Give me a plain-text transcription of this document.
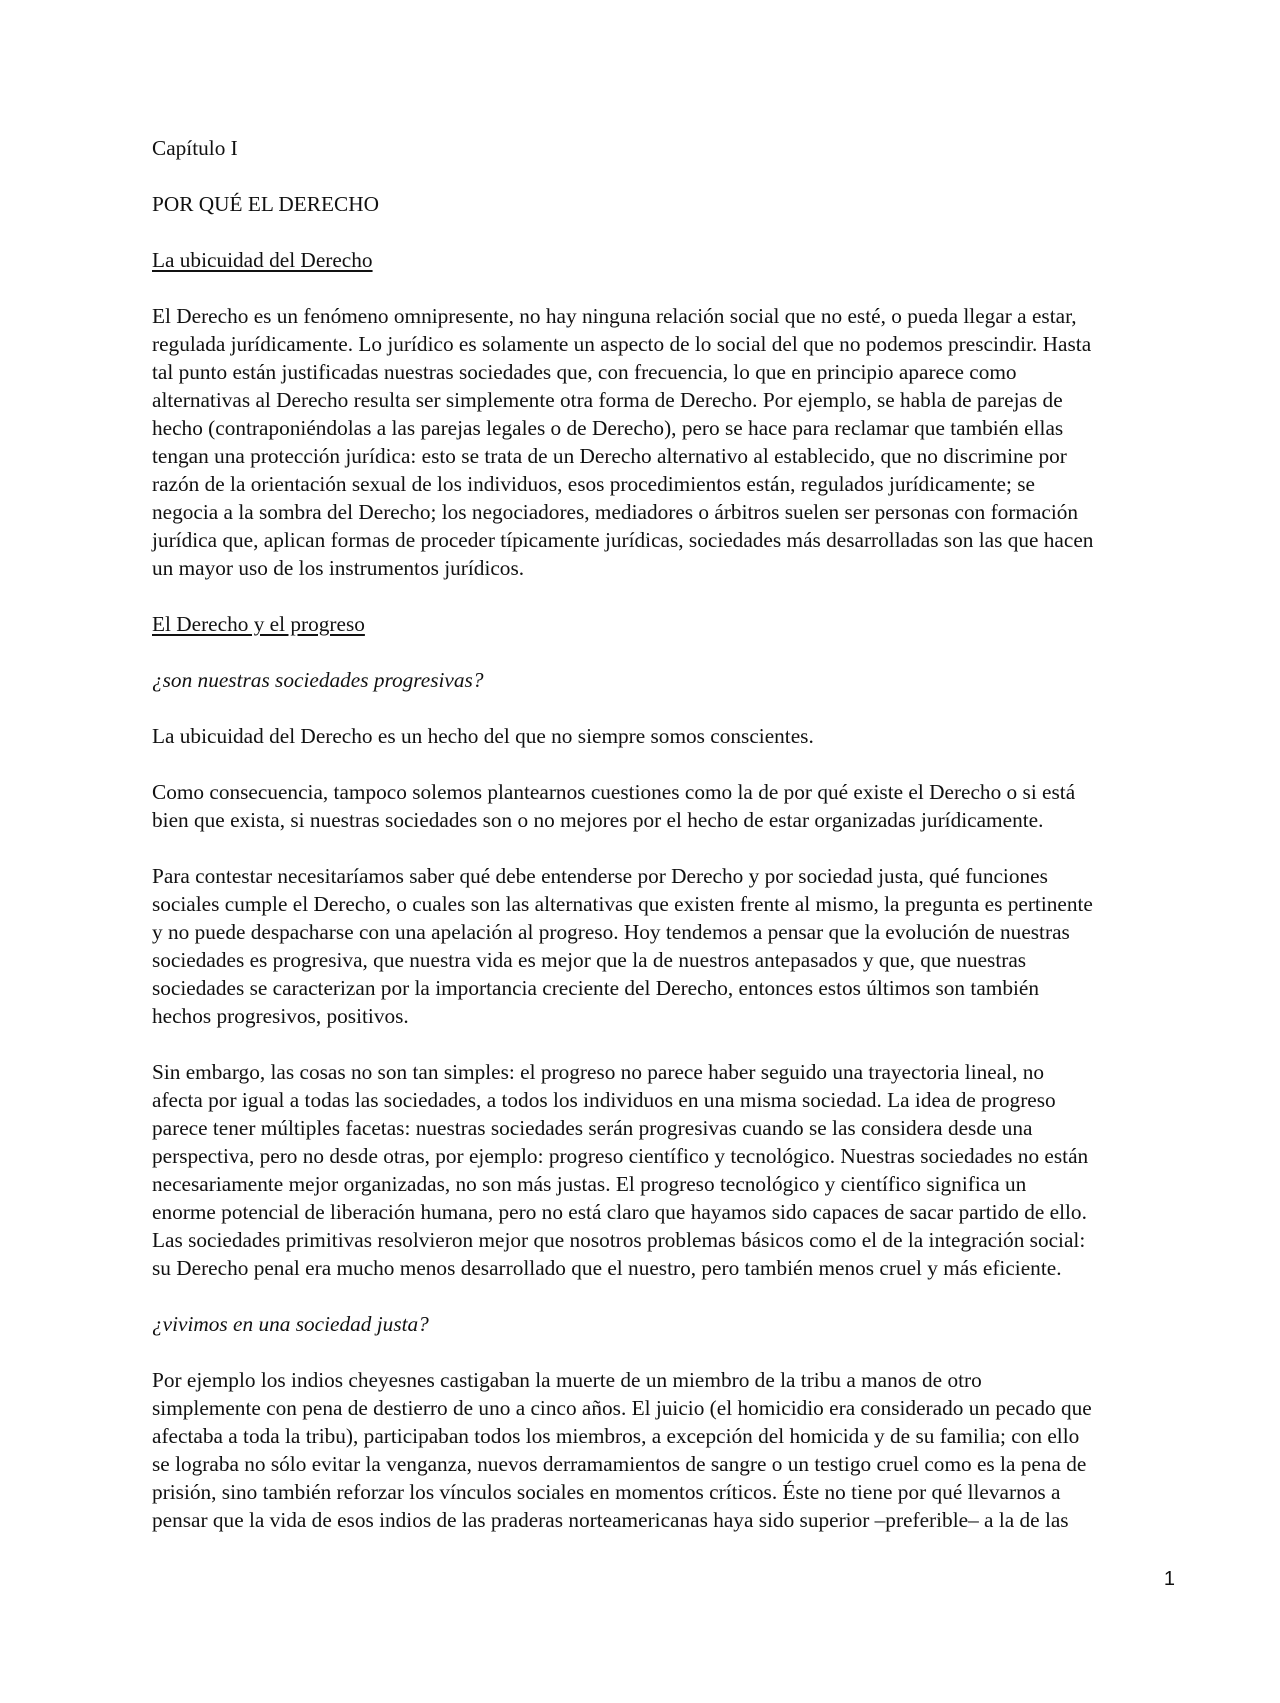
Capítulo I
POR QUÉ EL DERECHO
La ubicuidad del Derecho
El Derecho es un fenómeno omnipresente, no hay ninguna relación social que no esté, o pueda llegar a estar,
regulada jurídicamente. Lo jurídico es solamente un aspecto de lo social del que no podemos prescindir. Hasta
tal punto están justificadas nuestras sociedades que, con frecuencia, lo que en principio aparece como
alternativas al Derecho resulta ser simplemente otra forma de Derecho. Por ejemplo, se habla de parejas de
hecho (contraponiéndolas a las parejas legales o de Derecho), pero se hace para reclamar que también ellas
tengan una protección jurídica: esto se trata de un Derecho alternativo al establecido, que no discrimine por
razón de la orientación sexual de los individuos, esos procedimientos están, regulados jurídicamente; se
negocia a la sombra del Derecho; los negociadores, mediadores o árbitros suelen ser personas con formación
jurídica que, aplican formas de proceder típicamente jurídicas, sociedades más desarrolladas son las que hacen
un mayor uso de los instrumentos jurídicos.
El Derecho y el progreso
¿son nuestras sociedades progresivas?
La ubicuidad del Derecho es un hecho del que no siempre somos conscientes.
Como consecuencia, tampoco solemos plantearnos cuestiones como la de por qué existe el Derecho o si está
bien que exista, si nuestras sociedades son o no mejores por el hecho de estar organizadas jurídicamente.
Para contestar necesitaríamos saber qué debe entenderse por Derecho y por sociedad justa, qué funciones
sociales cumple el Derecho, o cuales son las alternativas que existen frente al mismo, la pregunta es pertinente
y no puede despacharse con una apelación al progreso. Hoy tendemos a pensar que la evolución de nuestras
sociedades es progresiva, que nuestra vida es mejor que la de nuestros antepasados y que, que nuestras
sociedades se caracterizan por la importancia creciente del Derecho, entonces estos últimos son también
hechos progresivos, positivos.
Sin embargo, las cosas no son tan simples: el progreso no parece haber seguido una trayectoria lineal, no
afecta por igual a todas las sociedades, a todos los individuos en una misma sociedad. La idea de progreso
parece tener múltiples facetas: nuestras sociedades serán progresivas cuando se las considera desde una
perspectiva, pero no desde otras, por ejemplo: progreso científico y tecnológico. Nuestras sociedades no están
necesariamente mejor organizadas, no son más justas. El progreso tecnológico y científico significa un
enorme potencial de liberación humana, pero no está claro que hayamos sido capaces de sacar partido de ello.
Las sociedades primitivas resolvieron mejor que nosotros problemas básicos como el de la integración social:
su Derecho penal era mucho menos desarrollado que el nuestro, pero también menos cruel y más eficiente.
¿vivimos en una sociedad justa?
Por ejemplo los indios cheyesnes castigaban la muerte de un miembro de la tribu a manos de otro
simplemente con pena de destierro de uno a cinco años. El juicio (el homicidio era considerado un pecado que
afectaba a toda la tribu), participaban todos los miembros, a excepción del homicida y de su familia; con ello
se lograba no sólo evitar la venganza, nuevos derramamientos de sangre o un testigo cruel como es la pena de
prisión, sino también reforzar los vínculos sociales en momentos críticos. Éste no tiene por qué llevarnos a
pensar que la vida de esos indios de las praderas norteamericanas haya sido superior –preferible– a la de las
1
